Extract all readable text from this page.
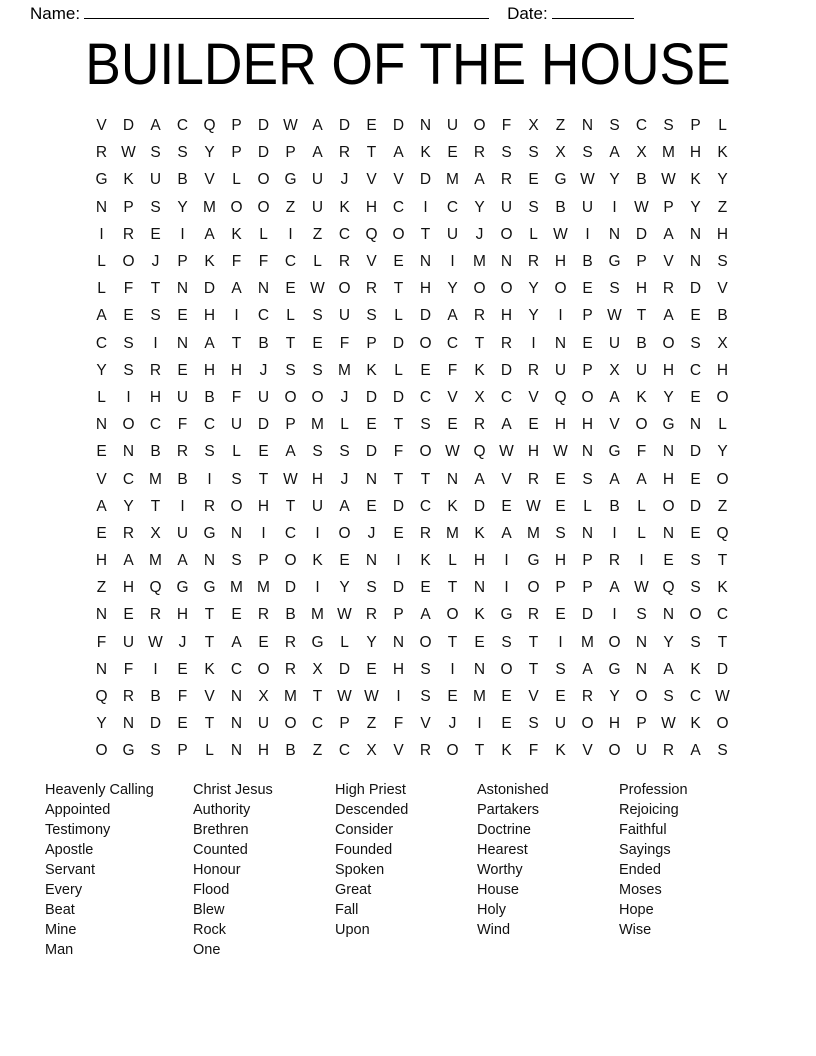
Name:	Date:
BUILDER OF THE HOUSE
V	D	A	C Q	P	D W A	D	E	D	N	U O	F	X	Z	N	S	C	S	P	L
R W S	S	Y	P	D	P	A	R	T	A	K	E	R	S	S	X	S	A	X M H	K
G	K	U	B	V	L	O G U	J	V	V	D M A	R	E	G W Y	B W K	Y
N	P	S	Y M O O	Z	U	K	H	C	I	C	Y	U	S	B	U	I	W P	Y	Z
I	R	E	I	A	K	L	I	Z	C Q O	T	U	J	O	L W	I	N	D	A	N	H
L	O	J	P	K	F	F	C	L	R	V	E	N	I	M N	R	H	B	G	P	V	N	S
L	F	T	N	D	A	N	E W O R	T	H	Y	O O	Y	O	E	S	H	R	D	V
A	E	S	E	H	I	C	L	S	U	S	L	D	A	R	H	Y	I	P W T	A	E	B
C	S	I	N	A	T	B	T	E	F	P	D O C	T	R	I	N	E	U	B	O	S	X
Y	S	R	E	H	H	J	S	S M K	L	E	F	K	D	R	U	P	X	U	H	C	H
L	I	H	U	B	F	U O O	J	D	D	C	V	X	C	V	Q O	A	K	Y	E	O
N O C	F	C	U	D	P M	L	E	T	S	E	R	A	E	H	H	V	O G N	L
E	N	B	R	S	L	E	A	S	S	D	F	O W Q W H W N G	F	N	D	Y
V	C M B	I	S	T W H	J	N	T	T	N	A	V	R	E	S	A	A	H	E	O
A	Y	T	I	R O H	T	U	A	E	D	C	K	D	E W E	L	B	L	O D	Z
E	R	X	U G N	I	C	I	O	J	E	R M K	A M S	N	I	L	N	E	Q
H	A M A	N	S	P	O	K	E	N	I	K	L	H	I	G H	P	R	I	E	S	T
Z	H Q G G M M D	I	Y	S	D	E	T	N	I	O	P	P	A W Q	S	K
N	E	R	H	T	E	R	B M W R	P	A	O	K	G R	E	D	I	S	N O C
F	U W	J	T	A	E	R G	L	Y	N O	T	E	S	T	I	M O N	Y	S	T
N	F	I	E	K	C O R	X	D	E	H	S	I	N O	T	S	A	G N	A	K	D
Q R	B	F	V	N	X M	T W W	I	S	E M E	V	E	R	Y	O	S	C W
Y	N	D	E	T	N	U O C	P	Z	F	V	J	I	E	S	U O H	P W K	O
O G	S	P	L	N	H	B	Z	C	X	V	R O	T	K	F	K	V	O U	R	A	S
Heavenly Calling
Appointed
Testimony
Apostle
Servant
Every
Beat
Mine
Man
Christ Jesus
Authority
Brethren
Counted
Honour
Flood
Blew
Rock
One
High Priest
Descended
Consider
Founded
Spoken
Great
Fall
Upon
Astonished
Partakers
Doctrine
Hearest
Worthy
House
Holy
Wind
Profession
Rejoicing
Faithful
Sayings
Ended
Moses
Hope
Wise
